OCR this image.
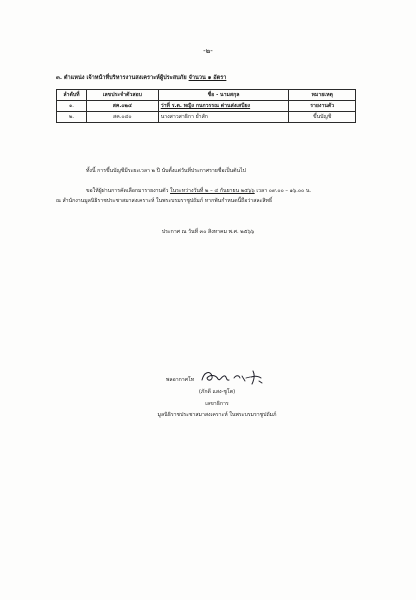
-๒-
๓. ตำแหน่ง เจ้าหน้าที่บริหารงานสงเคราะห์ผู้ประสบภัย จำนวน ๑ อัตรา
ลำดับที่	เลขประจำตัวสอบ	ชื่อ - นามสกุล	หมายเหตุ
๑.	สค.๐๒๔	ว่าที่ ร.ต. หญิง กนกวรรณ ด่านส่งเสบียง	รายงานตัว
๒.	สค.๐๔๐	นางสาวสาธิกา ย่ำสัก	ขึ้นบัญชี
ทั้งนี้ การขึ้นบัญชีมีระยะเวลา ๒ ปี นับตั้งแต่วันที่ประกาศรายชื่อเป็นต้นไป
ขอให้ผู้ผ่านการคัดเลือกมารายงานตัว ในระหว่างวันที่ ๒ – ๔ กันยายน ๒๕๖๖ เวลา ๐๙.๐๐ – ๑๖.๐๐ น.
ณ สำนักงานมูลนิธิราชประชาสมาสงเคราะห์ ในพระบรมราชูปถัมภ์ หากพ้นกำหนดนี้ถือว่าสละสิทธิ์
ประกาศ ณ วันที่ ๓๐ สิงหาคม พ.ศ. ๒๕๖๖
พลอากาศโท
(ภักดี แสง-ชูโต)
เลขาธิการ
มูลนิธิราชประชาสมาสงเคราะห์ ในพระบรมราชูปถัมภ์
